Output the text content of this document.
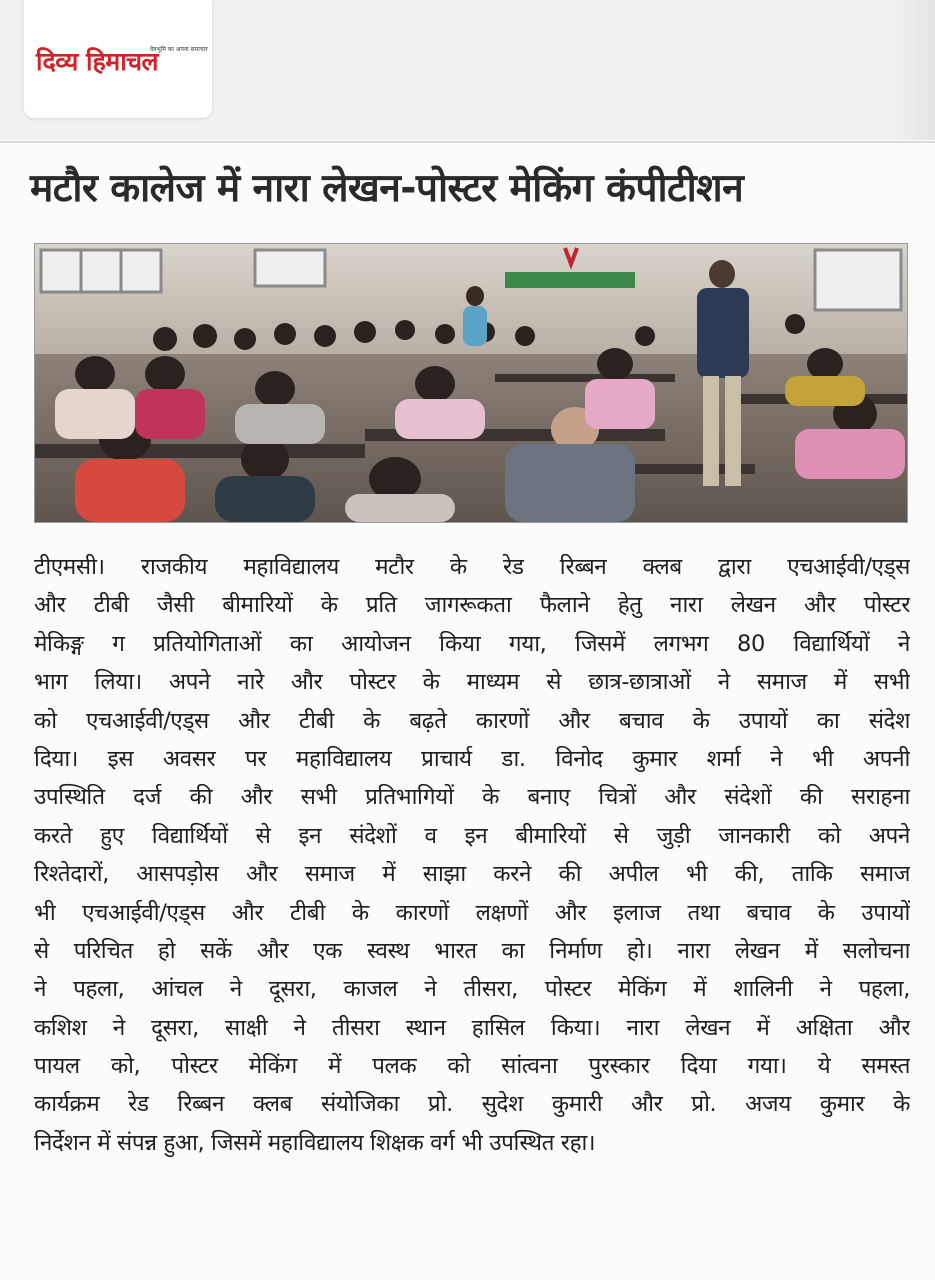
देवभूमि का अपना समाचार
दिव्य हिमाचल
मटौर कालेज में नारा लेखन-पोस्टर मेकिंग कंपीटीशन
टीएमसी। राजकीय महाविद्यालय मटौर के रेड रिब्बन क्लब द्वारा एचआईवी/एड्स
और टीबी जैसी बीमारियों के प्रति जागरूकता फैलाने हेतु नारा लेखन और पोस्टर
मेकिङ्ग ग प्रतियोगिताओं का आयोजन किया गया, जिसमें लगभग 80 विद्यार्थियों ने
भाग लिया। अपने नारे और पोस्टर के माध्यम से छात्र-छात्राओं ने समाज में सभी
को एचआईवी/एड्स और टीबी के बढ़ते कारणों और बचाव के उपायों का संदेश
दिया। इस अवसर पर महाविद्यालय प्राचार्य डा. विनोद कुमार शर्मा ने भी अपनी
उपस्थिति दर्ज की और सभी प्रतिभागियों के बनाए चित्रों और संदेशों की सराहना
करते हुए विद्यार्थियों से इन संदेशों व इन बीमारियों से जुड़ी जानकारी को अपने
रिश्तेदारों, आसपड़ोस और समाज में साझा करने की अपील भी की, ताकि समाज
भी एचआईवी/एड्स और टीबी के कारणों लक्षणों और इलाज तथा बचाव के उपायों
से परिचित हो सकें और एक स्वस्थ भारत का निर्माण हो। नारा लेखन में सलोचना
ने पहला, आंचल ने दूसरा, काजल ने तीसरा, पोस्टर मेकिंग में शालिनी ने पहला,
कशिश ने दूसरा, साक्षी ने तीसरा स्थान हासिल किया। नारा लेखन में अक्षिता और
पायल को, पोस्टर मेकिंग में पलक को सांत्वना पुरस्कार दिया गया। ये समस्त
कार्यक्रम रेड रिब्बन क्लब संयोजिका प्रो. सुदेश कुमारी और प्रो. अजय कुमार के
निर्देशन में संपन्न हुआ, जिसमें महाविद्यालय शिक्षक वर्ग भी उपस्थित रहा।
